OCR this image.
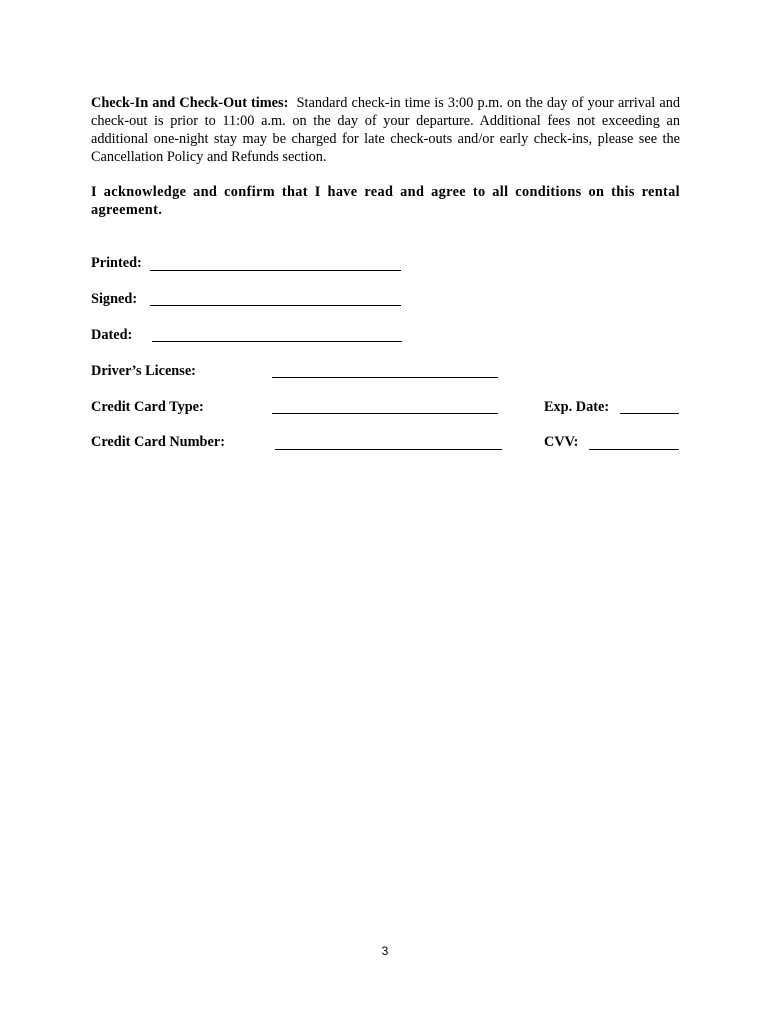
Check-In and Check-Out times: Standard check-in time is 3:00 p.m. on the day of your arrival and check-out is prior to 11:00 a.m. on the day of your departure. Additional fees not exceeding an additional one-night stay may be charged for late check-outs and/or early check-ins, please see the Cancellation Policy and Refunds section.
I acknowledge and confirm that I have read and agree to all conditions on this rental agreement.
Printed:
Signed:
Dated:
Driver’s License:
Credit Card Type:	Exp. Date:
Credit Card Number:	CVV:
3
